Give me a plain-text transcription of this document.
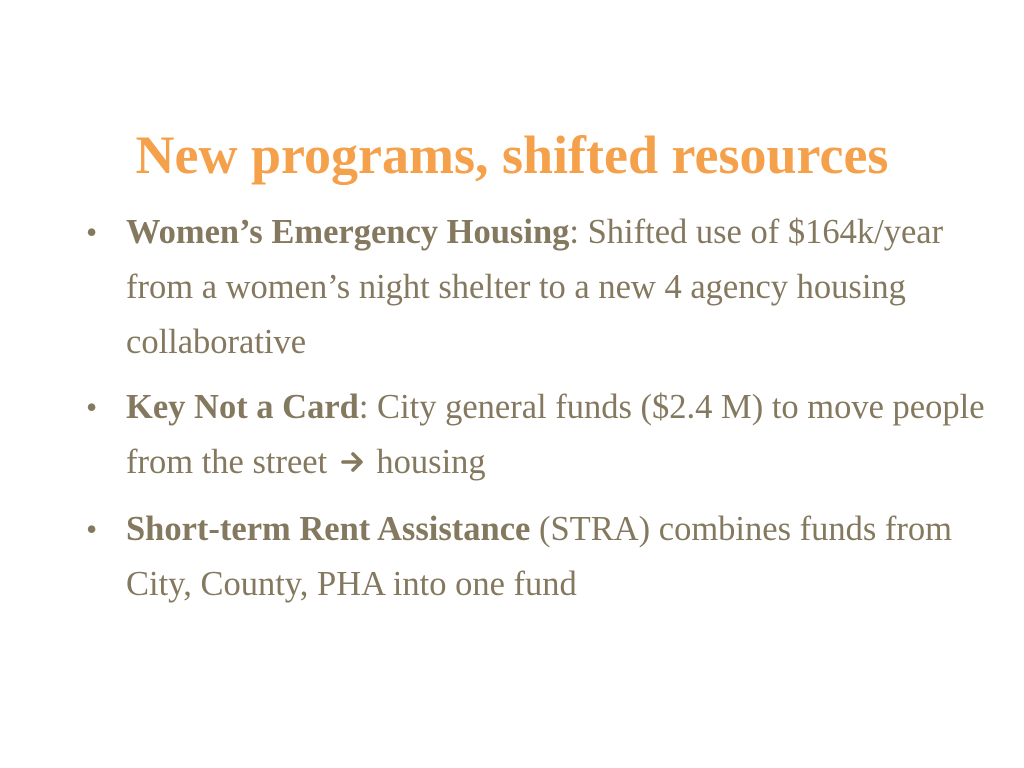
New programs, shifted resources
• Women’s Emergency Housing: Shifted use of $164k/year from a women’s night shelter to a new 4 agency housing collaborative
• Key Not a Card: City general funds ($2.4 M) to move people from the street  housing
• Short-term Rent Assistance (STRA) combines funds from City, County, PHA into one fund
